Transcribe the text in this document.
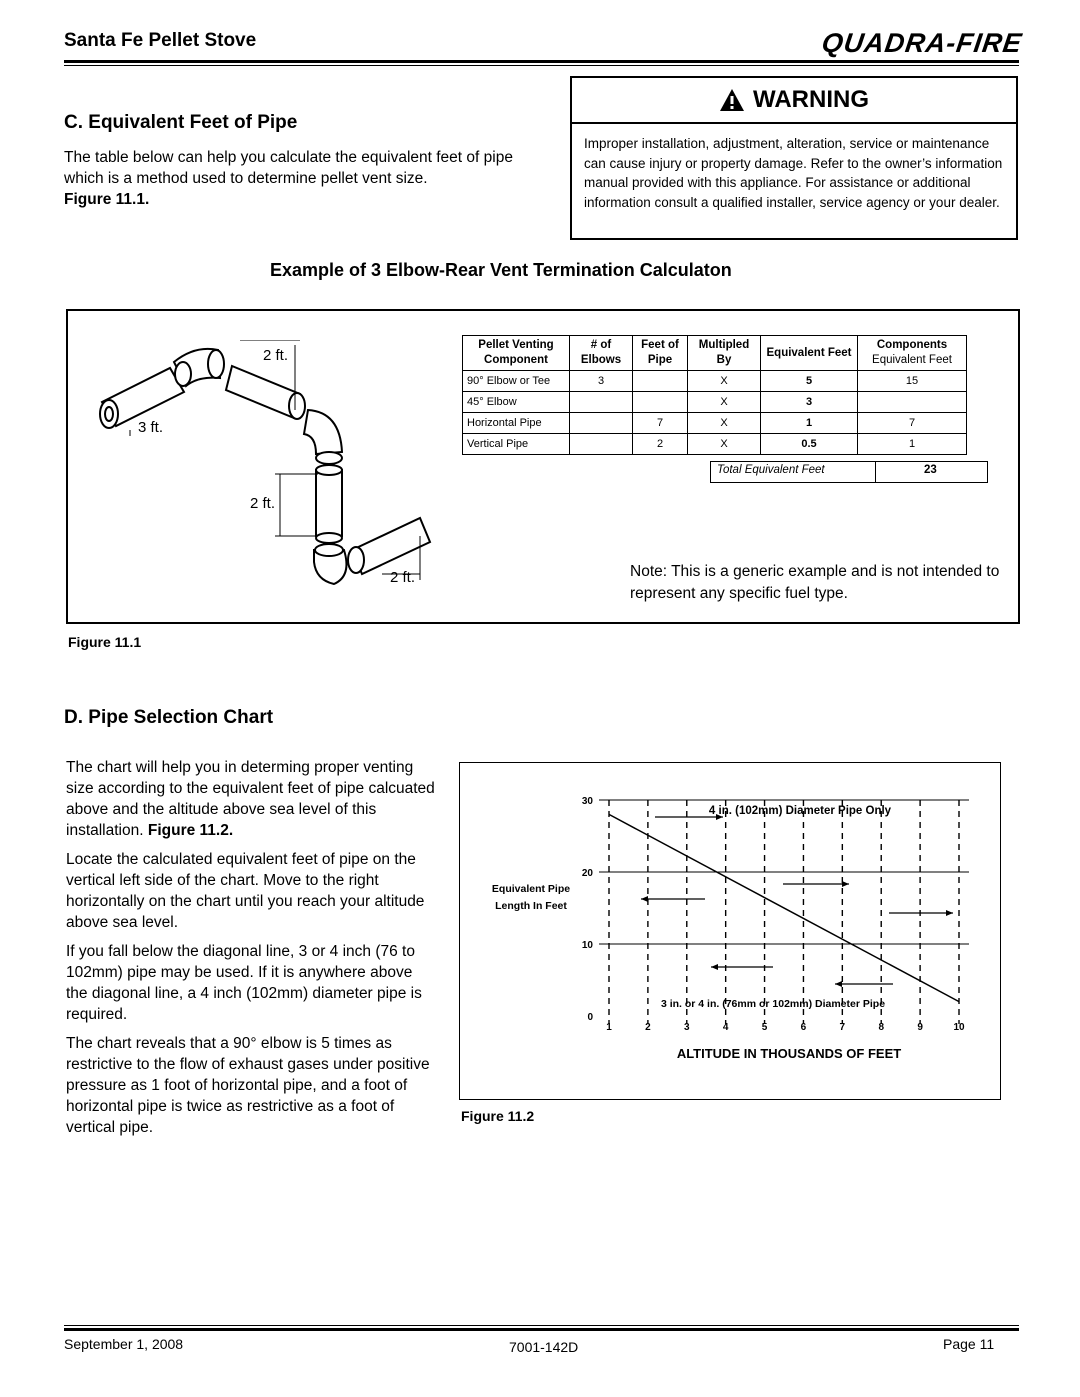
Santa Fe Pellet Stove	QUADRA-FIRE
C. Equivalent Feet of Pipe
The table below can help you calculate the equivalent feet of pipe which is a method used to determine pellet vent size.
Figure 11.1.
WARNING
Improper installation, adjustment, alteration, service or maintenance can cause injury or property damage. Refer to the owner’s information manual provided with this appliance. For assistance or additional information consult a qualified installer, service agency or your dealer.
Example of 3 Elbow-Rear Vent Termination Calculaton
2 ft.
3 ft.
2 ft.
2 ft.
Pellet Venting Component	# of Elbows	Feet of Pipe	Multipled By	Equivalent Feet	Components
Equivalent Feet
90° Elbow or Tee	3		X	5	15
45° Elbow			X	3	
Horizontal Pipe		7	X	1	7
Vertical Pipe		2	X	0.5	1
Total Equivalent Feet	23
Note: This is a generic example and is not intended to represent any specific fuel type.
Figure 11.1
D. Pipe Selection Chart

The chart will help you in determing proper venting size according to the equivalent feet of pipe calcuated above and the altitude above sea level of this installation. Figure 11.2.

Locate the calculated equivalent feet of pipe on the vertical left side of the chart. Move to the right horizontally on the chart until you reach your altitude above sea level.

If you fall below the diagonal line, 3 or 4 inch (76 to 102mm) pipe may be used. If it is anywhere above the diagonal line, a 4 inch (102mm) diameter pipe is required.

The chart reveals that a 90° elbow is 5 times as restrictive to the flow of exhaust gases under positive pressure as 1 foot of horizontal pipe, and a foot of horizontal pipe is twice as restrictive as a foot of vertical pipe.

0
10
20
30
1	2	3	4	5	6	7	8	9	10
4 in. (102mm) Diameter Pipe Only
3 in. or 4 in. (76mm or 102mm) Diameter Pipe
Equivalent Pipe
Length In Feet
ALTITUDE IN THOUSANDS OF FEET
Figure 11.2
September 1, 2008	7001-142D	Page 11
